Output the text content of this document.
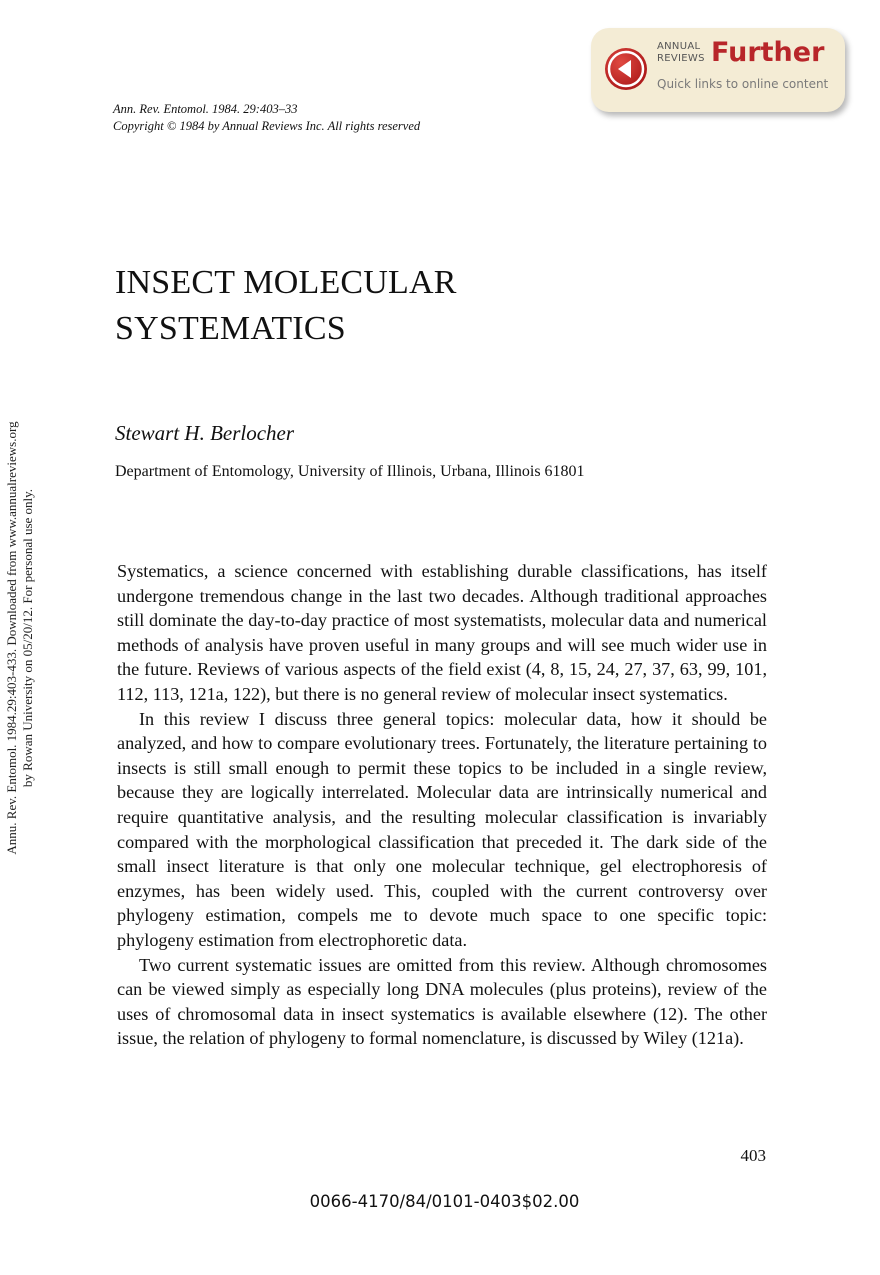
ANNUAL
REVIEWS Further
Quick links to online content
Ann. Rev. Entomol. 1984. 29:403–33
Copyright © 1984 by Annual Reviews Inc. All rights reserved
Annu. Rev. Entomol. 1984.29:403-433. Downloaded from www.annualreviews.org by Rowan University on 05/20/12. For personal use only.
INSECT MOLECULAR
SYSTEMATICS
Stewart H. Berlocher
Department of Entomology, University of Illinois, Urbana, Illinois 61801

Systematics, a science concerned with establishing durable classifications, has itself undergone tremendous change in the last two decades. Although traditional approaches still dominate the day-to-day practice of most systematists, molecular data and numerical methods of analysis have proven useful in many groups and will see much wider use in the future. Reviews of various aspects of the field exist (4, 8, 15, 24, 27, 37, 63, 99, 101, 112, 113, 121a, 122), but there is no general review of molecular insect systematics.

In this review I discuss three general topics: molecular data, how it should be analyzed, and how to compare evolutionary trees. Fortunately, the literature pertaining to insects is still small enough to permit these topics to be included in a single review, because they are logically interrelated. Molecular data are intrinsically numerical and require quantitative analysis, and the resulting molecular classification is invariably compared with the morphological classification that preceded it. The dark side of the small insect literature is that only one molecular technique, gel electrophoresis of enzymes, has been widely used. This, coupled with the current controversy over phylogeny estimation, compels me to devote much space to one specific topic: phylogeny estimation from electrophoretic data.

Two current systematic issues are omitted from this review. Although chromosomes can be viewed simply as especially long DNA molecules (plus proteins), review of the uses of chromosomal data in insect systematics is available elsewhere (12). The other issue, the relation of phylogeny to formal nomenclature, is discussed by Wiley (121a).

403
0066-4170/84/0101-0403$02.00
